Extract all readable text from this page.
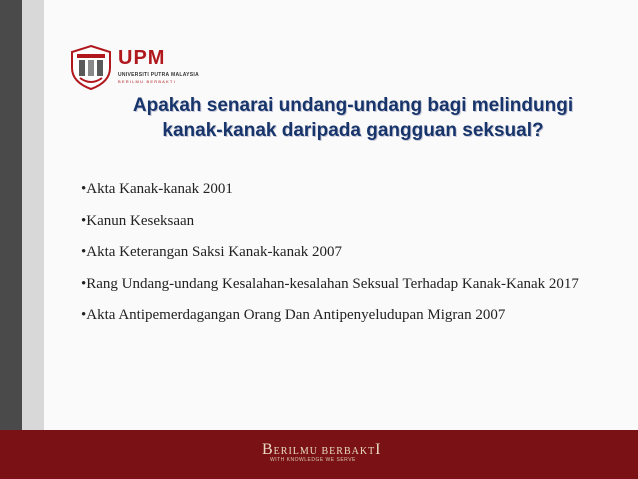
UPM
UNIVERSITI PUTRA MALAYSIA
BERILMU BERBAKTI
Apakah senarai undang-undang bagi melindungi
kanak-kanak daripada gangguan seksual?
•Akta Kanak-kanak 2001
•Kanun Keseksaan
•Akta Keterangan Saksi Kanak-kanak 2007
•Rang Undang-undang Kesalahan-kesalahan Seksual Terhadap Kanak-Kanak 2017
•Akta Antipemerdagangan Orang Dan Antipenyeludupan Migran 2007
BERILMU BERBAKTI
WITH KNOWLEDGE WE SERVE
